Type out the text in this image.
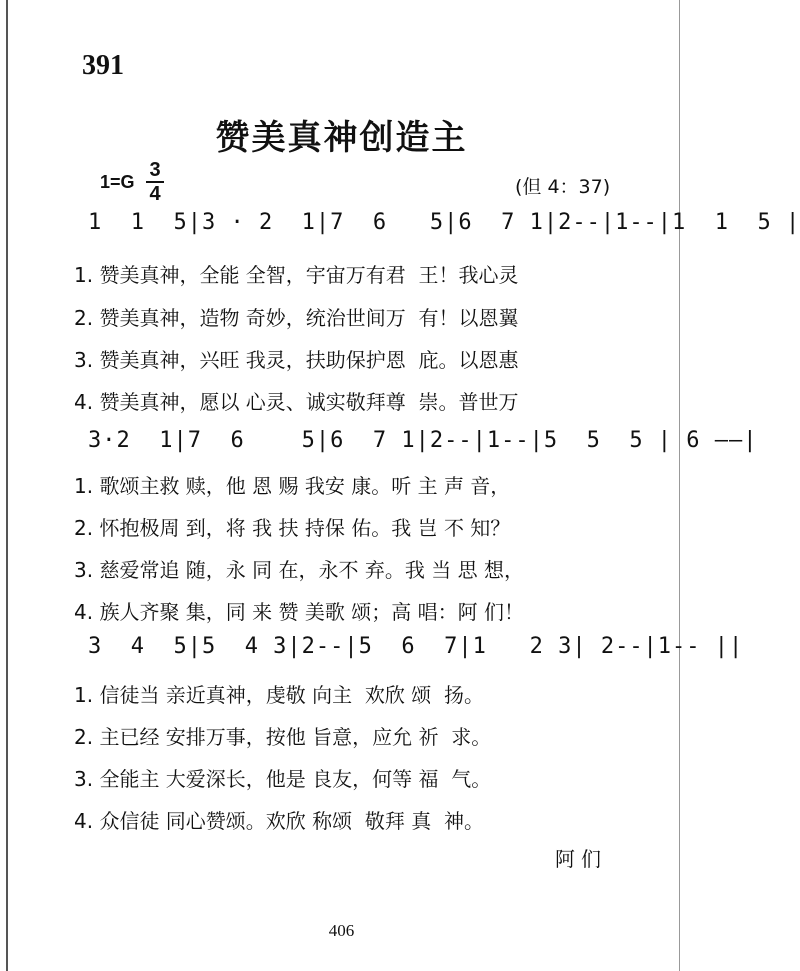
391
赞美真神创造主
1=G
3
4	(但 4：37)
1  1  5|3 · 2  1|7  6   5|6  7 1|2--|1--|1  1  5 |
1. 赞美真神，全能 全智，宇宙万有君  王！我心灵
2. 赞美真神，造物 奇妙，统治世间万  有！以恩翼
3. 赞美真神，兴旺 我灵，扶助保护恩  庇。以恩惠
4. 赞美真神，愿以 心灵、诚实敬拜尊  崇。普世万
3·2  1|7  6    5|6  7 1|2--|1--|5  5  5 | 6 ——|
1. 歌颂主救 赎，他 恩 赐 我安 康。听 主 声 音，
2. 怀抱极周 到，将 我 扶 持保 佑。我 岂 不 知？
3. 慈爱常追 随，永 同 在，永不 弃。我 当 思 想，
4. 族人齐聚 集，同 来 赞 美歌 颂；高 唱：阿 们！
3  4  5|5  4 3|2--|5  6  7|1   2 3| 2--|1-- ||
1. 信徒当 亲近真神，虔敬 向主  欢欣 颂  扬。
2. 主已经 安排万事，按他 旨意，应允 祈  求。
3. 全能主 大爱深长，他是 良友，何等 福  气。
4. 众信徒 同心赞颂。欢欣 称颂  敬拜 真  神。
阿们
406
